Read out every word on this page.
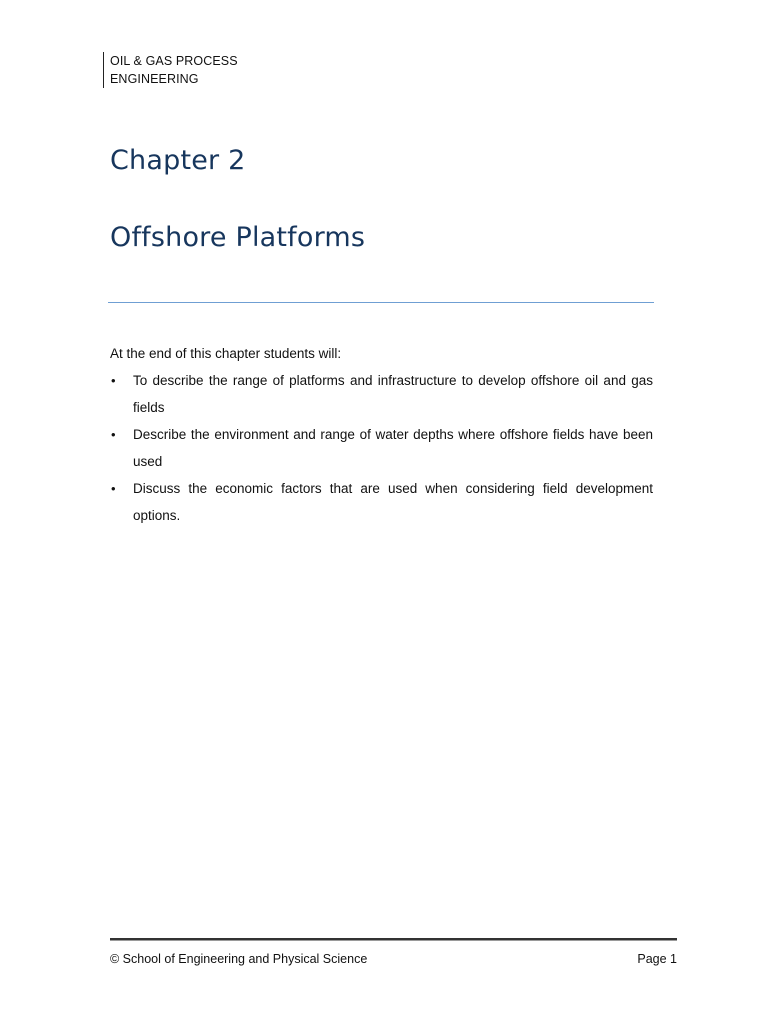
OIL & GAS PROCESS
ENGINEERING
Chapter 2
Offshore Platforms

At the end of this chapter students will:

•	To describe the range of platforms and infrastructure to develop offshore oil and gas fields
•	Describe the environment and range of water depths where offshore fields have been used
•	Discuss the economic factors that are used when considering field development options.
© School of Engineering and Physical Science	Page 1
